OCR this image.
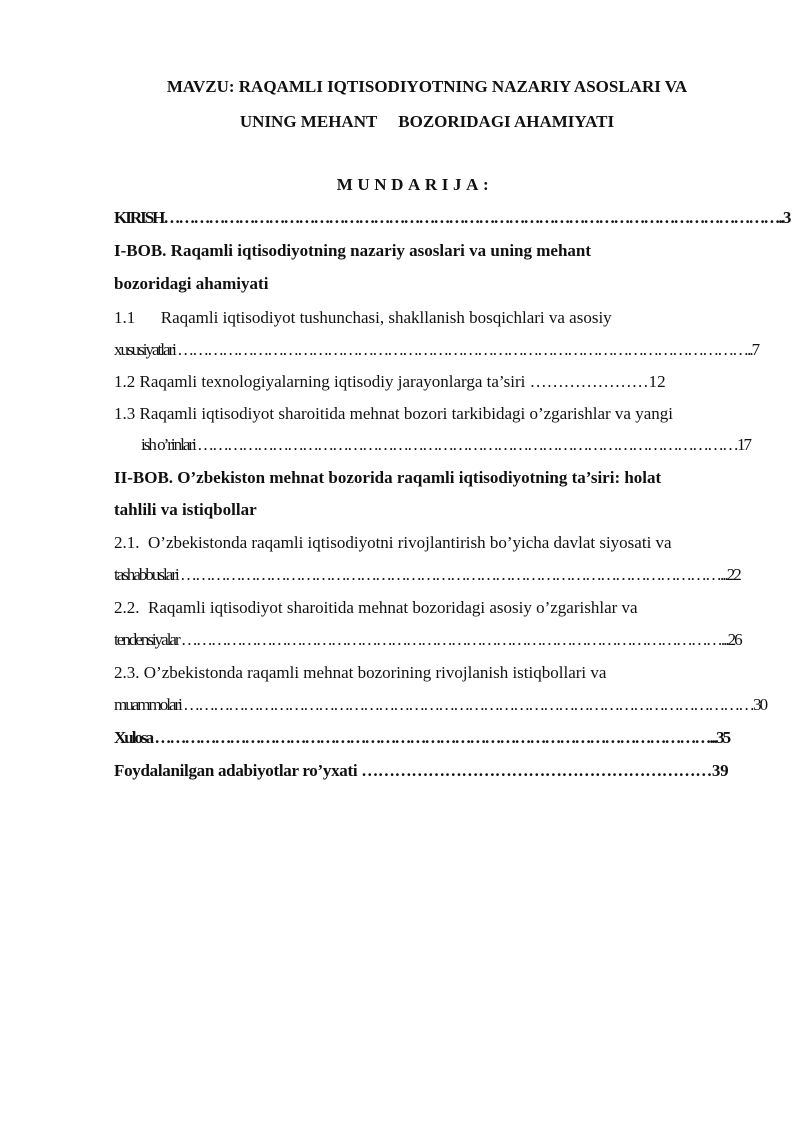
MAVZU: RAQAMLI IQTISODIYOTNING NAZARIY ASOSLARI VA
UNING MEHANT     BOZORIDAGI AHAMIYATI
MUNDARIJA:
KIRISH……………………………………………………………………………………………………………..3
I-BOB. Raqamli iqtisodiyotning nazariy asoslari va uning mehant
bozoridagi ahamiyati
1.1      Raqamli iqtisodiyot tushunchasi, shakllanish bosqichlari va asosiy
xususiyatlari ……………………………………………………………………………………………………..7
1.2 Raqamli texnologiyalarning iqtisodiy jarayonlarga ta’siri …………………12
1.3 Raqamli iqtisodiyot sharoitida mehnat bozori tarkibidagi o’zgarishlar va yangi
ish o’rinlari ………………………………………………………………………………………………17
II-BOB. O’zbekiston mehnat bozorida raqamli iqtisodiyotning ta’siri: holat
tahlili va istiqbollar
2.1.  O’zbekistonda raqamli iqtisodiyotni rivojlantirish bo’yicha davlat siyosati va
tashabbuslari ………………………………………………………………………………………………...22
2.2.  Raqamli iqtisodiyot sharoitida mehnat bozoridagi asosiy o’zgarishlar va
tendensiyalar ………………………………………………………………………………………………...26
2.3. O’zbekistonda raqamli mehnat bozorining rivojlanish istiqbollari va
muammolari ……………………………………………………………………………………………………30
Xulosa …………………………………………………………………………………………………...35
Foydalanilgan adabiyotlar ro’yxati ………………………………………………………39
